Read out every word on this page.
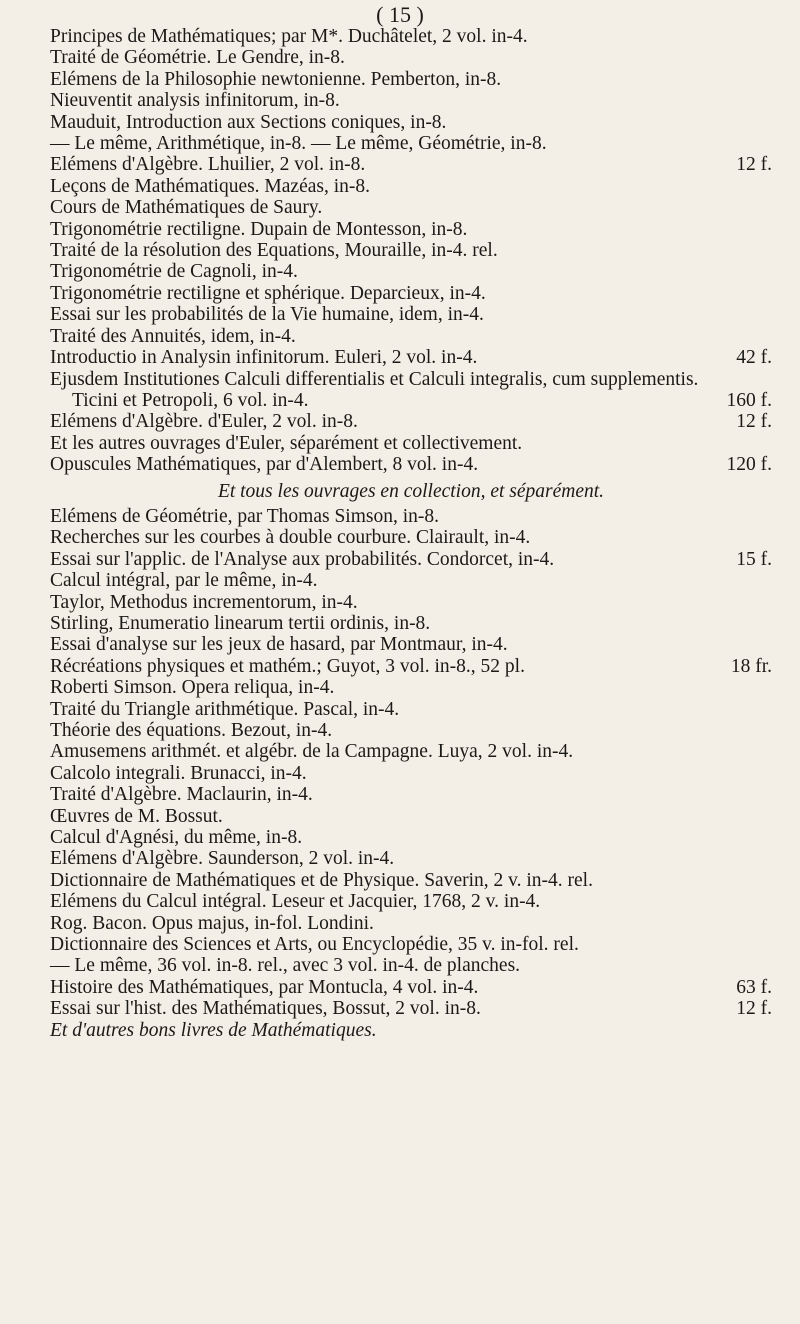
( 15 )
Principes de Mathématiques; par M*. Duchâtelet, 2 vol. in-4.
Traité de Géométrie. Le Gendre, in-8.
Elémens de la Philosophie newtonienne. Pemberton, in-8.
Nieuventit analysis infinitorum, in-8.
Mauduit, Introduction aux Sections coniques, in-8.
— Le même, Arithmétique, in-8. — Le même, Géométrie, in-8.
Elémens d'Algèbre. Lhuilier, 2 vol. in-8.	12 f.
Leçons de Mathématiques. Mazéas, in-8.
Cours de Mathématiques de Saury.
Trigonométrie rectiligne. Dupain de Montesson, in-8.
Traité de la résolution des Equations, Mouraille, in-4. rel.
Trigonométrie de Cagnoli, in-4.
Trigonométrie rectiligne et sphérique. Deparcieux, in-4.
Essai sur les probabilités de la Vie humaine, idem, in-4.
Traité des Annuités, idem, in-4.
Introductio in Analysin infinitorum. Euleri, 2 vol. in-4.	42 f.
Ejusdem Institutiones Calculi differentialis et Calculi integralis, cum supplementis. Ticini et Petropoli, 6 vol. in-4.	160 f.
Elémens d'Algèbre. d'Euler, 2 vol. in-8.	12 f.
Et les autres ouvrages d'Euler, séparément et collectivement.
Opuscules Mathématiques, par d'Alembert, 8 vol. in-4.	120 f.
Et tous les ouvrages en collection, et séparément.
Elémens de Géométrie, par Thomas Simson, in-8.
Recherches sur les courbes à double courbure. Clairault, in-4.
Essai sur l'applic. de l'Analyse aux probabilités. Condorcet, in-4.	15 f.
Calcul intégral, par le même, in-4.
Taylor, Methodus incrementorum, in-4.
Stirling, Enumeratio linearum tertii ordinis, in-8.
Essai d'analyse sur les jeux de hasard, par Montmaur, in-4.
Récréations physiques et mathém.; Guyot, 3 vol. in-8., 52 pl.	18 fr.
Roberti Simson. Opera reliqua, in-4.
Traité du Triangle arithmétique. Pascal, in-4.
Théorie des équations. Bezout, in-4.
Amusemens arithmét. et algébr. de la Campagne. Luya, 2 vol. in-4.
Calcolo integrali. Brunacci, in-4.
Traité d'Algèbre. Maclaurin, in-4.
Œuvres de M. Bossut.
Calcul d'Agnési, du même, in-8.
Elémens d'Algèbre. Saunderson, 2 vol. in-4.
Dictionnaire de Mathématiques et de Physique. Saverin, 2 v. in-4. rel.
Elémens du Calcul intégral. Leseur et Jacquier, 1768, 2 v. in-4.
Rog. Bacon. Opus majus, in-fol. Londini.
Dictionnaire des Sciences et Arts, ou Encyclopédie, 35 v. in-fol. rel.
— Le même, 36 vol. in-8. rel., avec 3 vol. in-4. de planches.
Histoire des Mathématiques, par Montucla, 4 vol. in-4.	63 f.
Essai sur l'hist. des Mathématiques, Bossut, 2 vol. in-8.	12 f.
Et d'autres bons livres de Mathématiques.
